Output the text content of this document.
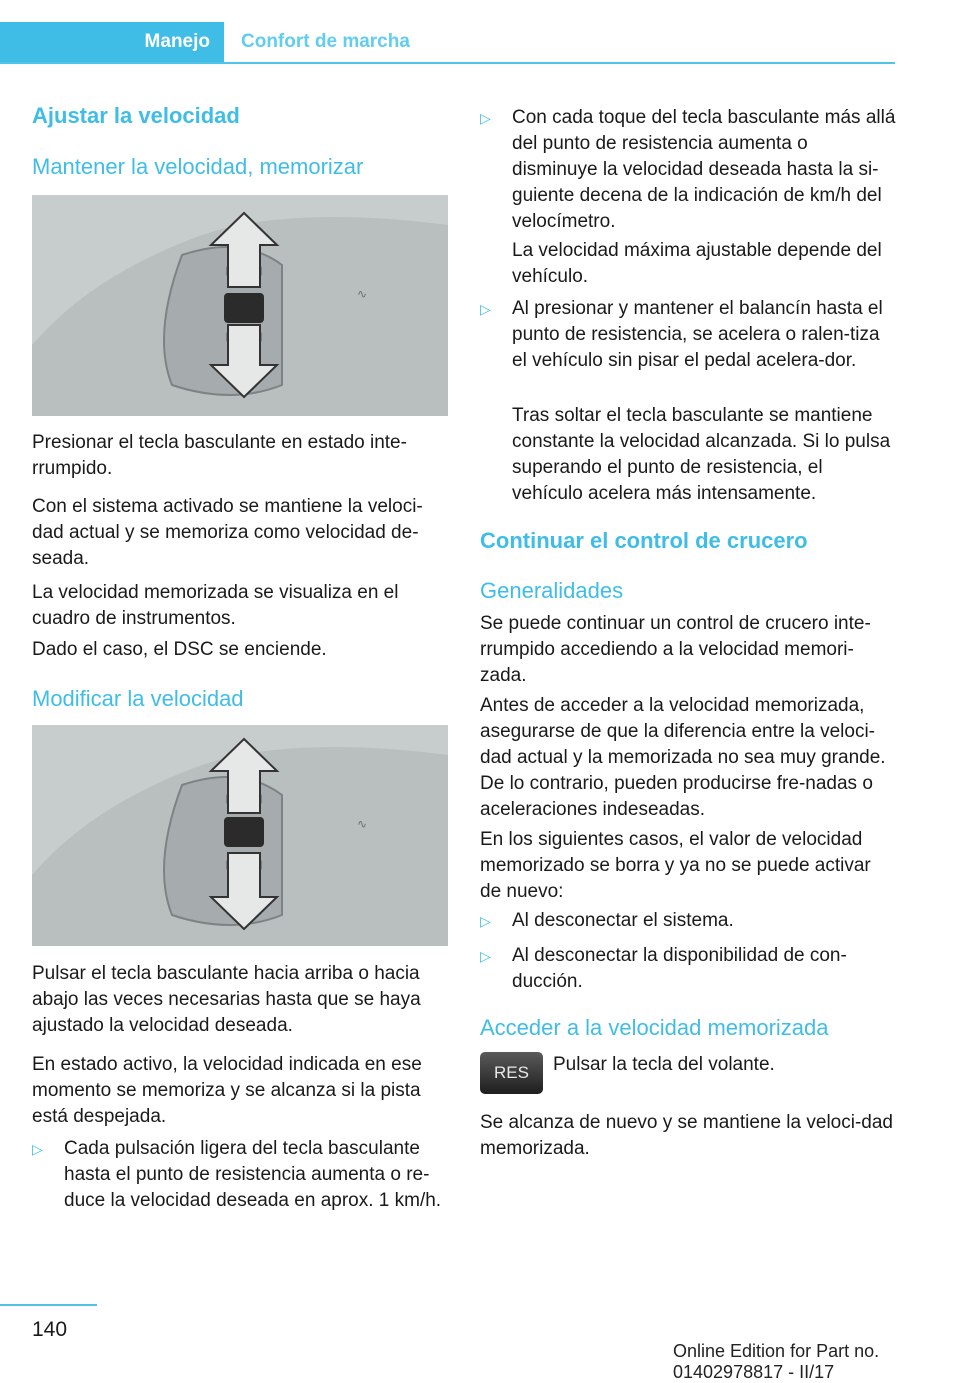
Manejo Confort de marcha
Ajustar la velocidad
Mantener la velocidad, memorizar
∿
Presionar el tecla basculante en estado inte-rrumpido.
Con el sistema activado se mantiene la veloci-dad actual y se memoriza como velocidad de-seada.
La velocidad memorizada se visualiza en el cuadro de instrumentos.
Dado el caso, el DSC se enciende.
Modificar la velocidad
∿
Pulsar el tecla basculante hacia arriba o hacia abajo las veces necesarias hasta que se haya ajustado la velocidad deseada.
En estado activo, la velocidad indicada en ese momento se memoriza y se alcanza si la pista está despejada.
▷ Cada pulsación ligera del tecla basculante hasta el punto de resistencia aumenta o re-duce la velocidad deseada en aprox. 1 km/h.
▷ Con cada toque del tecla basculante más allá del punto de resistencia aumenta o disminuye la velocidad deseada hasta la si-guiente decena de la indicación de km/h del velocímetro.
La velocidad máxima ajustable depende del vehículo.
▷ Al presionar y mantener el balancín hasta el punto de resistencia, se acelera o ralen-tiza el vehículo sin pisar el pedal acelera-dor.
Tras soltar el tecla basculante se mantiene constante la velocidad alcanzada. Si lo pulsa superando el punto de resistencia, el vehículo acelera más intensamente.
Continuar el control de crucero
Generalidades
Se puede continuar un control de crucero inte-rrumpido accediendo a la velocidad memori-zada.
Antes de acceder a la velocidad memorizada, asegurarse de que la diferencia entre la veloci-dad actual y la memorizada no sea muy grande. De lo contrario, pueden producirse fre-nadas o aceleraciones indeseadas.
En los siguientes casos, el valor de velocidad memorizado se borra y ya no se puede activar de nuevo:
▷ Al desconectar el sistema.
▷ Al desconectar la disponibilidad de con-ducción.
Acceder a la velocidad memorizada
RES	Pulsar la tecla del volante.
Se alcanza de nuevo y se mantiene la veloci-dad memorizada.
140
Online Edition for Part no. 01402978817 - II/17
